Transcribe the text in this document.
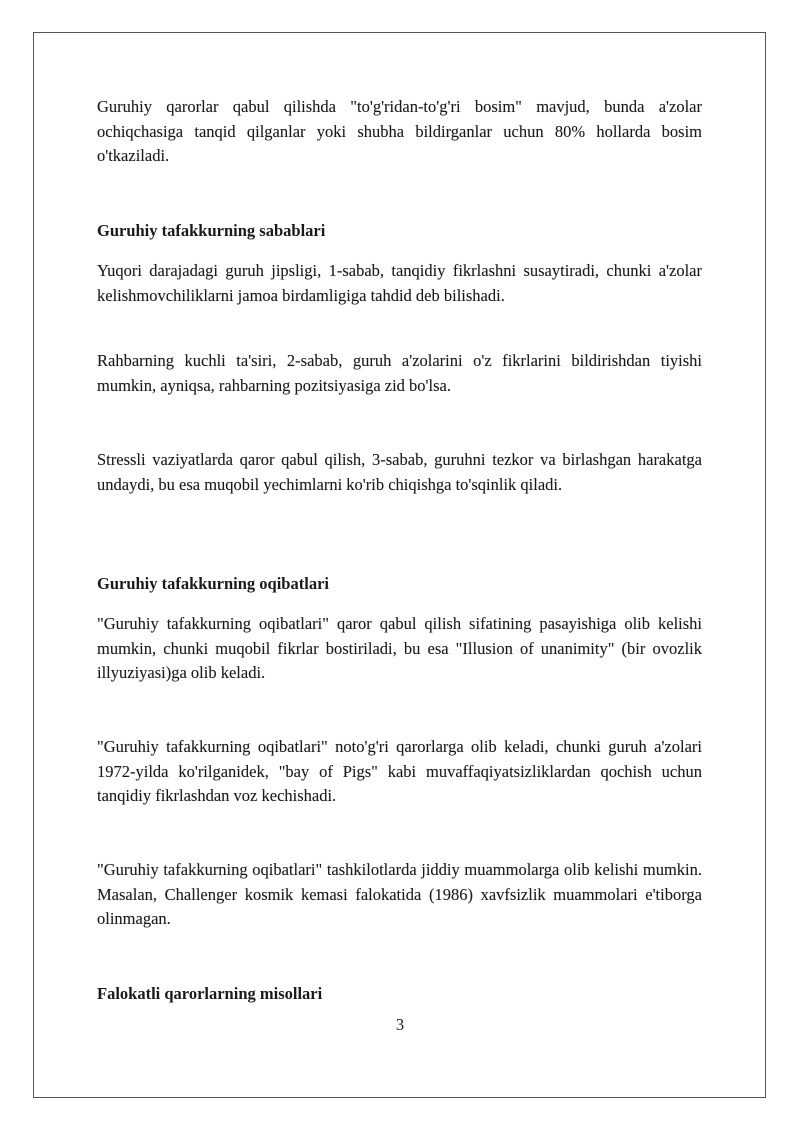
Guruhiy qarorlar qabul qilishda "to'g'ridan-to'g'ri bosim" mavjud, bunda a'zolar ochiqchasiga tanqid qilganlar yoki shubha bildirganlar uchun 80% hollarda bosim o'tkaziladi.

Guruhiy tafakkurning sabablari

Yuqori darajadagi guruh jipsligi, 1-sabab, tanqidiy fikrlashni susaytiradi, chunki a'zolar kelishmovchiliklarni jamoa birdamligiga tahdid deb bilishadi.

Rahbarning kuchli ta'siri, 2-sabab, guruh a'zolarini o'z fikrlarini bildirishdan tiyishi mumkin, ayniqsa, rahbarning pozitsiyasiga zid bo'lsa.

Stressli vaziyatlarda qaror qabul qilish, 3-sabab, guruhni tezkor va birlashgan harakatga undaydi, bu esa muqobil yechimlarni ko'rib chiqishga to'sqinlik qiladi.

Guruhiy tafakkurning oqibatlari

"Guruhiy tafakkurning oqibatlari" qaror qabul qilish sifatining pasayishiga olib kelishi mumkin, chunki muqobil fikrlar bostiriladi, bu esa "Illusion of unanimity" (bir ovozlik illyuziyasi)ga olib keladi.

"Guruhiy tafakkurning oqibatlari" noto'g'ri qarorlarga olib keladi, chunki guruh a'zolari 1972-yilda ko'rilganidek, "bay of Pigs" kabi muvaffaqiyatsizliklardan qochish uchun tanqidiy fikrlashdan voz kechishadi.

"Guruhiy tafakkurning oqibatlari" tashkilotlarda jiddiy muammolarga olib kelishi mumkin. Masalan, Challenger kosmik kemasi falokatida (1986) xavfsizlik muammolari e'tiborga olinmagan.

Falokatli qarorlarning misollari
3
